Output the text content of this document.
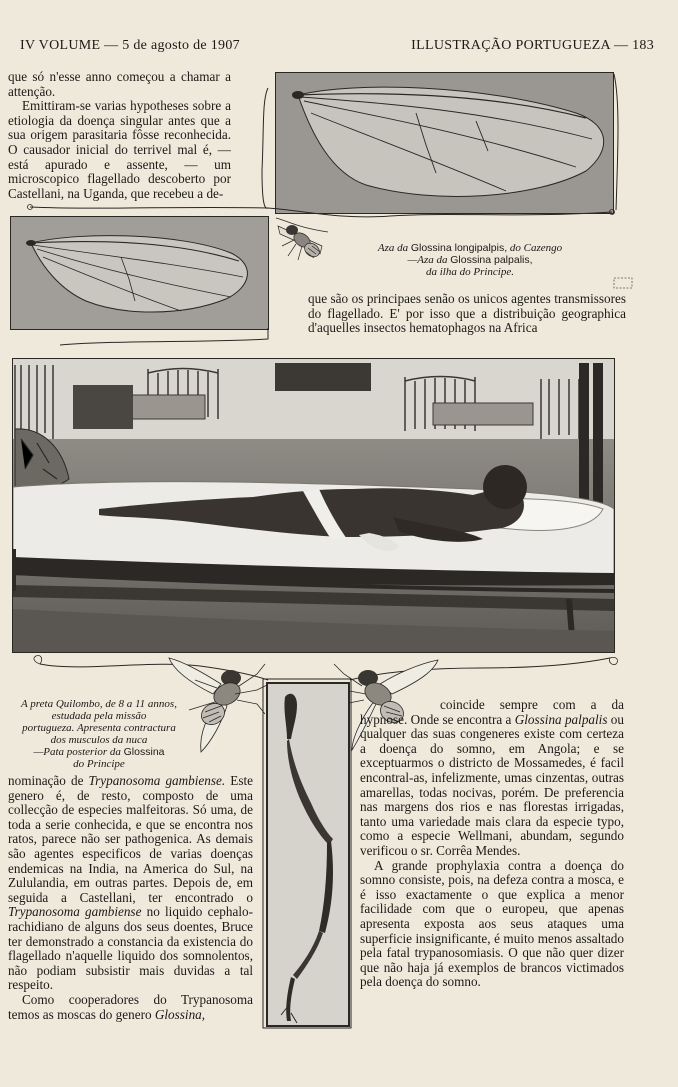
IV VOLUME — 5 de agosto de 1907	ILLUSTRAÇÃO PORTUGUEZA — 183

que só n'esse anno começou a chamar a attenção.

Emittiram-se varias hypotheses sobre a etiologia da doença singular antes que a sua origem parasitaria fôsse reconhecida. O causador inicial do terrivel mal é, — está apurado e assente, — um microscopico flagellado descoberto por Castellani, na Uganda, que recebeu a de-

Aza da Glossina longipalpis, do Cazengo
—Aza da Glossina palpalis,
da ilha do Principe.

que são os principaes senão os unicos agentes transmissores do flagellado. E' por isso que a distribuição geographica d'aquelles insectos hematophagos na Africa

A preta Quilombo, de 8 a 11 annos,
estudada pela missão
portugueza. Apresenta contractura
dos musculos da nuca
—Pata posterior da Glossina
do Principe

nominação de Trypanosoma gambiense. Este genero é, de resto, composto de uma collecção de especies malfeitoras. Só uma, de toda a serie conhecida, e que se encontra nos ratos, parece não ser pathogenica. As demais são agentes especificos de varias doenças endemicas na India, na America do Sul, na Zululandia, em outras partes. Depois de, em seguida a Castellani, ter encontrado o Trypanosoma gambiense no liquido cephalo-rachidiano de alguns dos seus doentes, Bruce ter demonstrado a constancia da existencia do flagellado n'aquelle liquido dos somnolentos, não podiam subsistir mais duvidas a tal respeito.

Como cooperadores do Trypanosoma temos as moscas do genero Glossina,

coincide sempre com a da hypnose. Onde se encontra a Glossina palpalis ou qualquer das suas congeneres existe com certeza a doença do somno, em Angola; e se exceptuarmos o districto de Mossamedes, é facil encontral-as, infelizmente, umas cinzentas, outras amarellas, todas nocivas, porém. De preferencia nas margens dos rios e nas florestas irrigadas, tanto uma variedade mais clara da especie typo, como a especie Wellmani, abundam, segundo verificou o sr. Corrêa Mendes.

A grande prophylaxia contra a doença do somno consiste, pois, na defeza contra a mosca, e é isso exactamente o que explica a menor facilidade com que o europeu, que apenas apresenta exposta aos seus ataques uma superficie insignificante, é muito menos assaltado pela fatal trypanosomiasis. O que não quer dizer que não haja já exemplos de brancos victimados pela doença do somno.
